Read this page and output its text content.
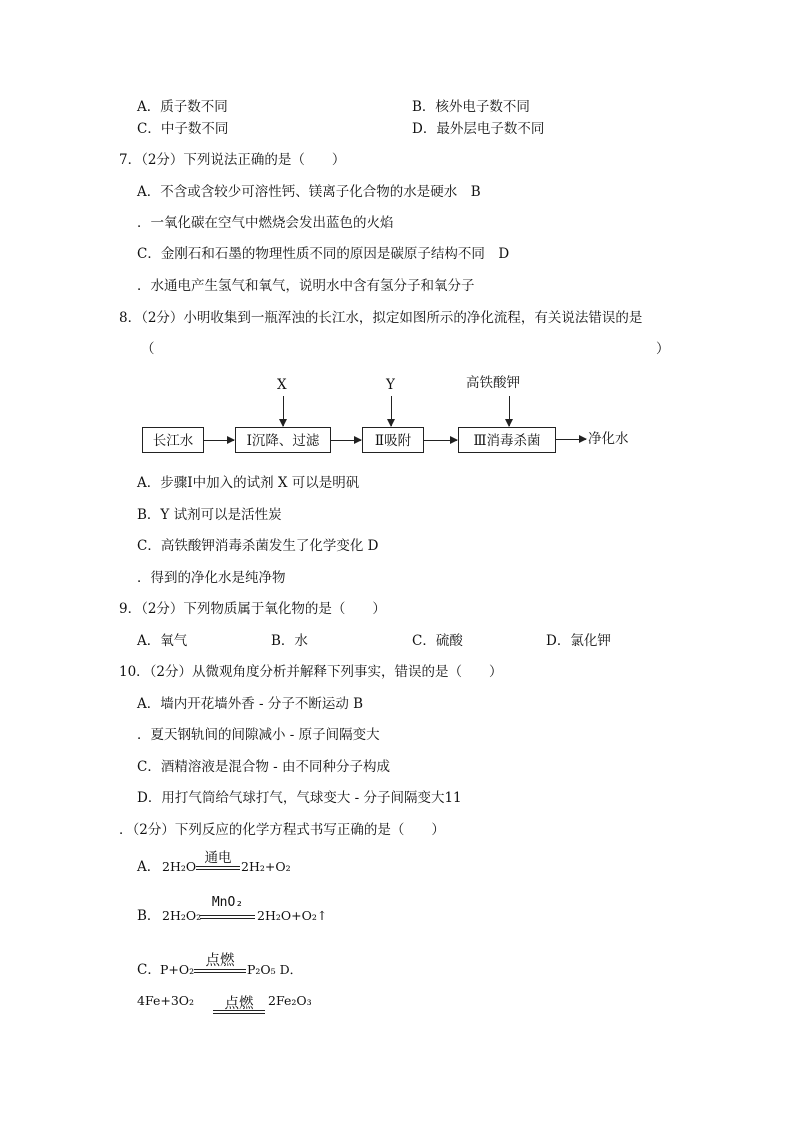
A．质子数不同	B．核外电子数不同
C．中子数不同	D．最外层电子数不同
7．（2分）下列说法正确的是（　　）
A．不含或含较少可溶性钙、镁离子化合物的水是硬水　B
．一氧化碳在空气中燃烧会发出蓝色的火焰
C．金刚石和石墨的物理性质不同的原因是碳原子结构不同　D
．水通电产生氢气和氧气，说明水中含有氢分子和氧分子
8．（2分）小明收集到一瓶浑浊的长江水，拟定如图所示的净化流程，有关说法错误的是
（	）
X	Y	高铁酸钾
长江水	Ⅰ沉降、过滤	Ⅱ吸附	Ⅲ消毒杀菌	净化水
A．步骤Ⅰ中加入的试剂 X 可以是明矾
B．Y 试剂可以是活性炭
C．高铁酸钾消毒杀菌发生了化学变化 D
．得到的净化水是纯净物
9．（2分）下列物质属于氧化物的是（　　）
A．氧气	B．水	C．硫酸	D．氯化钾
10．（2分）从微观角度分析并解释下列事实，错误的是（　　）
A．墙内开花墙外香 - 分子不断运动 B
．夏天钢轨间的间隙减小 - 原子间隔变大
C．酒精溶液是混合物 - 由不同种分子构成
D．用打气筒给气球打气，气球变大 - 分子间隔变大11
．（2分）下列反应的化学方程式书写正确的是（　　）
A． 2H₂O
通电
2H₂+O₂
B． 2H₂O₂
MnO₂
2H₂O+O₂↑
C． P+O₂
点燃
P₂O₅ D．
4Fe+3O₂	点燃	2Fe₂O₃
